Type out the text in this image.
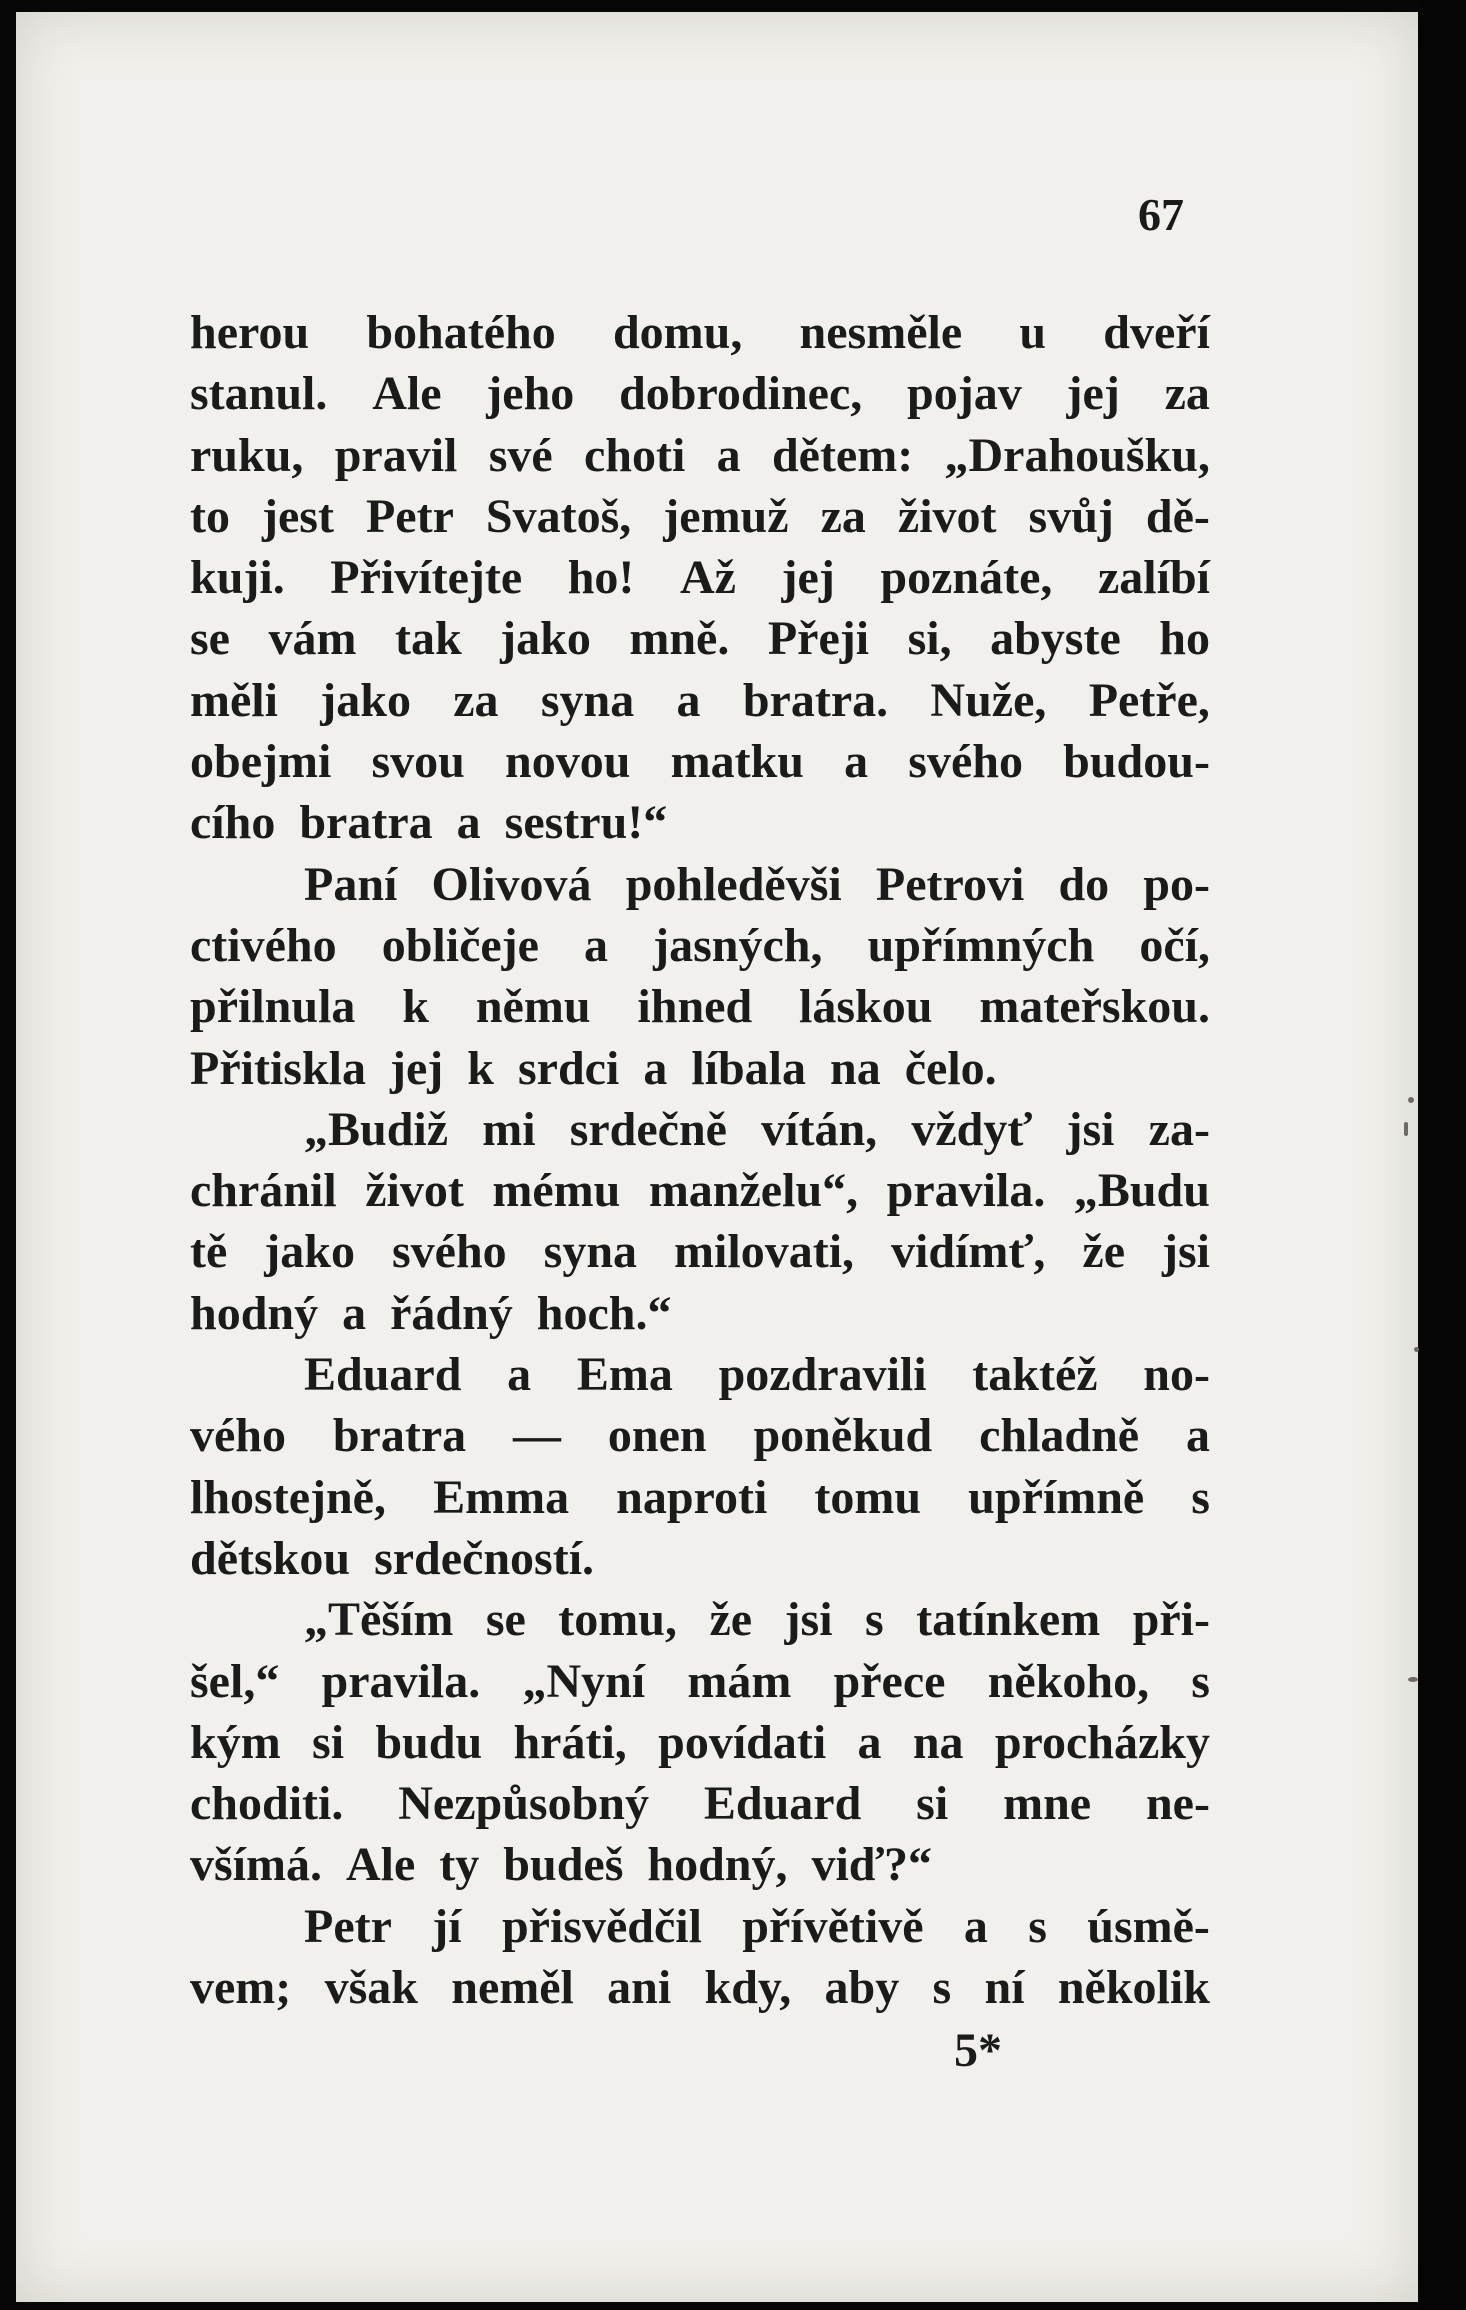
67
herou bohatého domu, nesměle u dveří
stanul. Ale jeho dobrodinec, pojav jej za
ruku, pravil své choti a dětem: „Drahoušku,
to jest Petr Svatoš, jemuž za život svůj dě-
kuji. Přivítejte ho! Až jej poznáte, zalíbí
se vám tak jako mně. Přeji si, abyste ho
měli jako za syna a bratra. Nuže, Petře,
obejmi svou novou matku a svého budou-
cího bratra a sestru!“
Paní Olivová pohleděvši Petrovi do po-
ctivého obličeje a jasných, upřímných očí,
přilnula k němu ihned láskou mateřskou.
Přitiskla jej k srdci a líbala na čelo.
„Budiž mi srdečně vítán, vždyť jsi za-
chránil život mému manželu“, pravila. „Budu
tě jako svého syna milovati, vidímť, že jsi
hodný a řádný hoch.“
Eduard a Ema pozdravili taktéž no-
vého bratra — onen poněkud chladně a
lhostejně, Emma naproti tomu upřímně s
dětskou srdečností.
„Těším se tomu, že jsi s tatínkem při-
šel,“ pravila. „Nyní mám přece někoho, s
kým si budu hráti, povídati a na procházky
choditi. Nezpůsobný Eduard si mne ne-
všímá. Ale ty budeš hodný, viď?“
Petr jí přisvědčil přívětivě a s úsmě-
vem; však neměl ani kdy, aby s ní několik
5*
